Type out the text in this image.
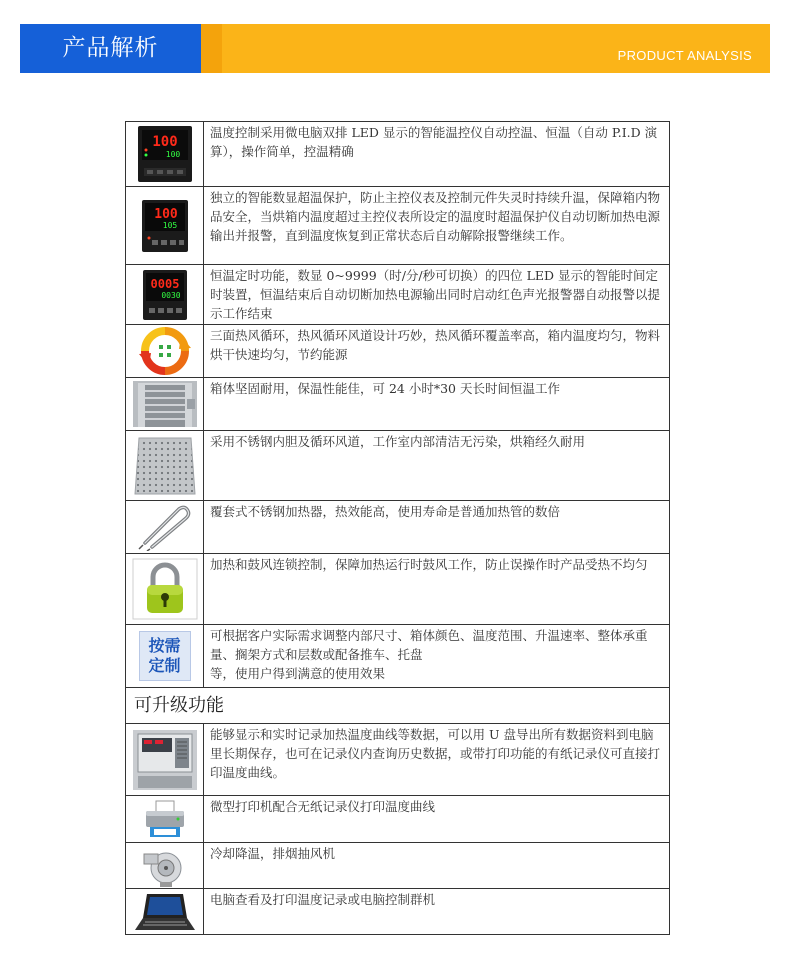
产品解析	PRODUCT ANALYSIS
100
100
温度控制采用微电脑双排 LED 显示的智能温控仪自动控温、恒温（自动 P.I.D 演算），操作简单，控温精确
100
105
独立的智能数显超温保护，防止主控仪表及控制元件失灵时持续升温，保障箱内物品安全，当烘箱内温度超过主控仪表所设定的温度时超温保护仪自动切断加热电源输出并报警，直到温度恢复到正常状态后自动解除报警继续工作。
0005
0030
恒温定时功能，数显 0~9999（时/分/秒可切换）的四位 LED 显示的智能时间定时装置，恒温结束后自动切断加热电源输出同时启动红色声光报警器自动报警以提示工作结束
三面热风循环，热风循环风道设计巧妙，热风循环覆盖率高，箱内温度均匀，物料烘干快速均匀，节约能源
箱体坚固耐用，保温性能佳，可 24 小时*30 天长时间恒温工作
采用不锈钢内胆及循环风道，工作室内部清洁无污染，烘箱经久耐用
覆套式不锈钢加热器，热效能高，使用寿命是普通加热管的数倍
加热和鼓风连锁控制，保障加热运行时鼓风工作，防止误操作时产品受热不均匀
按需
定制
可根据客户实际需求调整内部尺寸、箱体颜色、温度范围、升温速率、整体承重量、搁架方式和层数或配备推车、托盘
等，使用户得到满意的使用效果
可升级功能
能够显示和实时记录加热温度曲线等数据，可以用 U 盘导出所有数据资料到电脑里长期保存，也可在记录仪内查询历史数据，或带打印功能的有纸记录仪可直接打印温度曲线。
微型打印机配合无纸记录仪打印温度曲线
冷却降温，排烟抽风机
电脑查看及打印温度记录或电脑控制群机
